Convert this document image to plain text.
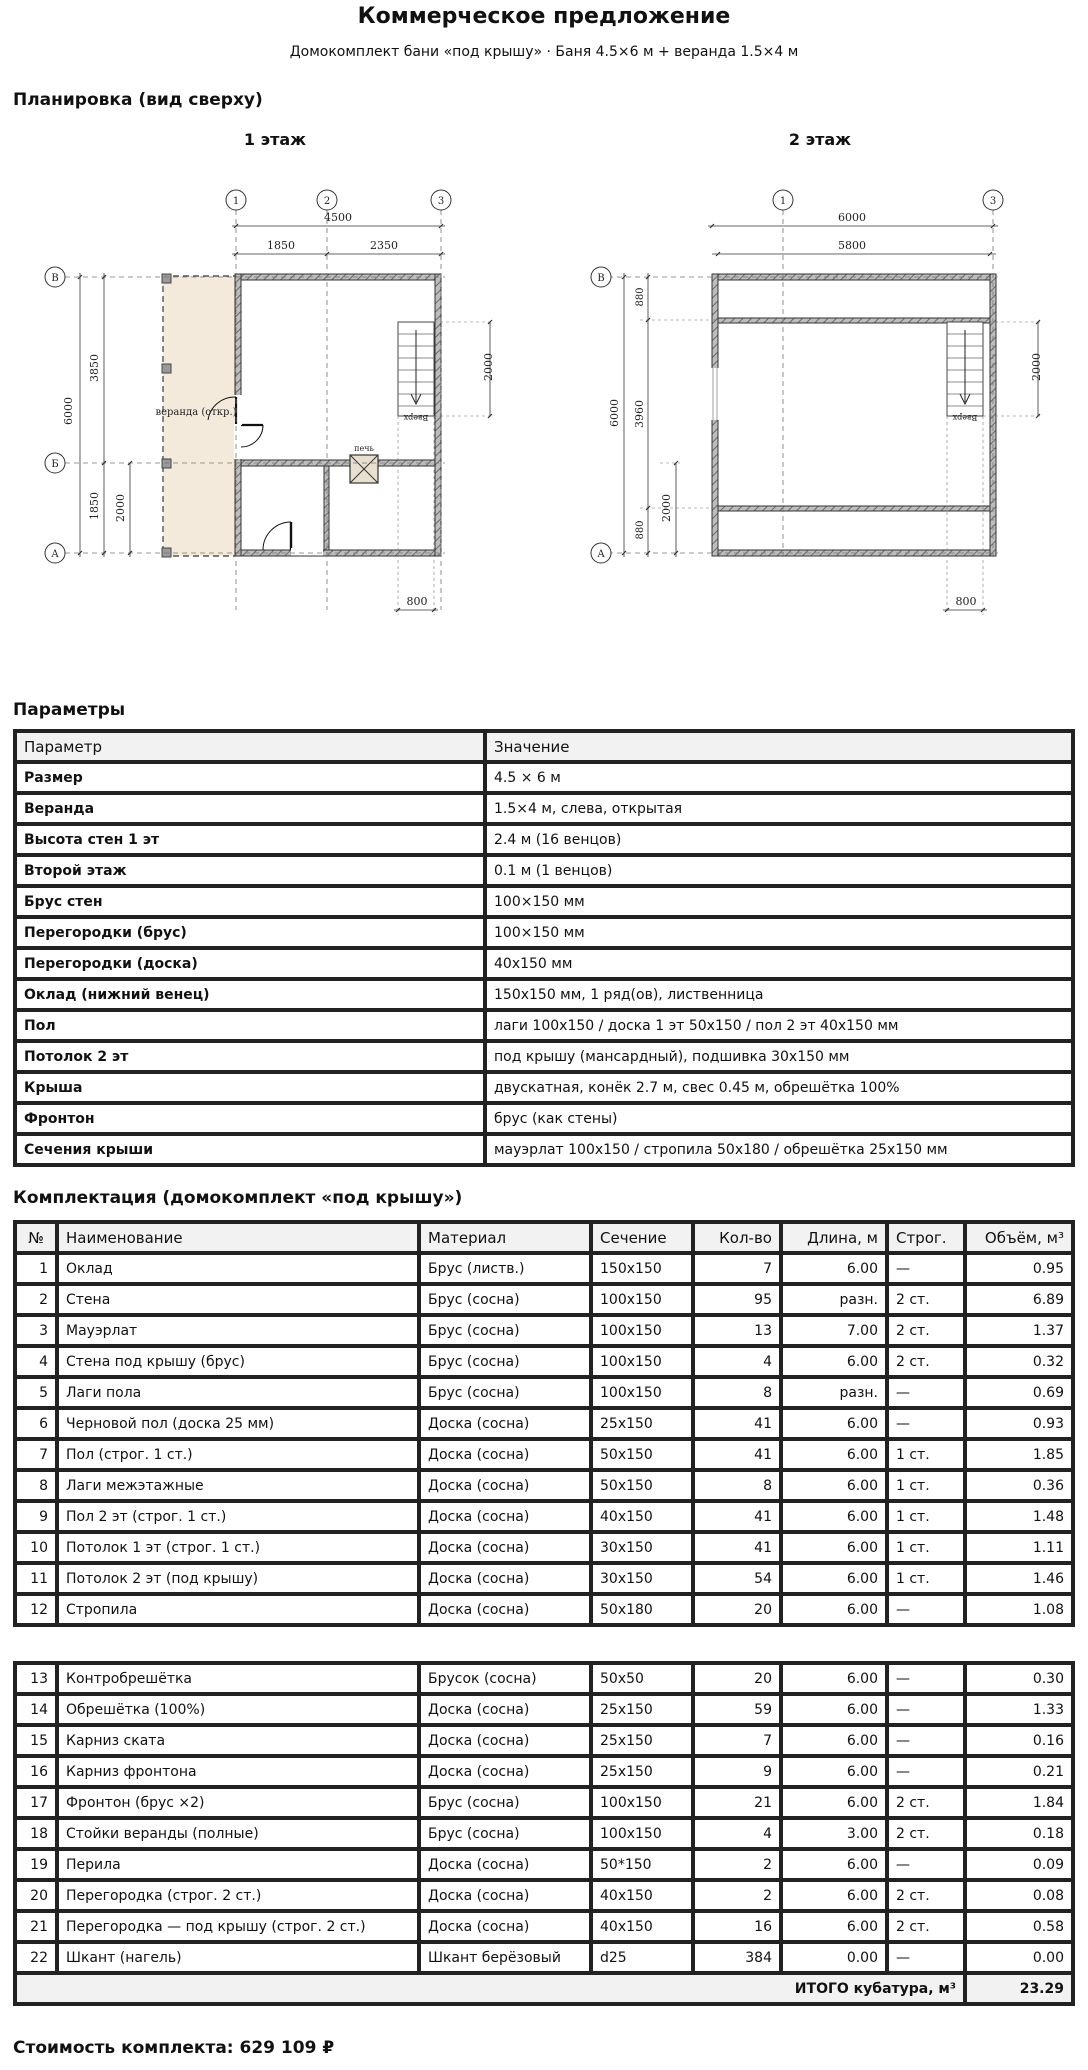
Коммерческое предложение
Домокомплект бани «под крышу» · Баня 4.5×6 м + веранда 1.5×4 м
Планировка (вид сверху)
1 этаж	2 этаж
печь
Вверх
веранда (откр.)
1	2	3
В
Б
А
4500
1850	2350
6000
3850
1850 2000
2000
800
Вверх
1	3
В
А
6000
5800
6000
880
3960
880
2000
2000
800
Параметры
Параметр	Значение
Размер	4.5 × 6 м
Веранда	1.5×4 м, слева, открытая
Высота стен 1 эт	2.4 м (16 венцов)
Второй этаж	0.1 м (1 венцов)
Брус стен	100×150 мм
Перегородки (брус)	100×150 мм
Перегородки (доска)	40x150 мм
Оклад (нижний венец)	150x150 мм, 1 ряд(ов), лиственница
Пол	лаги 100x150 / доска 1 эт 50x150 / пол 2 эт 40x150 мм
Потолок 2 эт	под крышу (мансардный), подшивка 30x150 мм
Крыша	двускатная, конёк 2.7 м, свес 0.45 м, обрешётка 100%
Фронтон	брус (как стены)
Сечения крыши	мауэрлат 100x150 / стропила 50x180 / обрешётка 25x150 мм
Комплектация (домокомплект «под крышу»)
№	Наименование	Материал	Сечение	Кол-во	Длина, м	Строг.	Объём, м³
1	Оклад	Брус (листв.)	150x150	7	6.00	—	0.95
2	Стена	Брус (сосна)	100x150	95	разн.	2 ст.	6.89
3	Мауэрлат	Брус (сосна)	100x150	13	7.00	2 ст.	1.37
4	Стена под крышу (брус)	Брус (сосна)	100x150	4	6.00	2 ст.	0.32
5	Лаги пола	Брус (сосна)	100x150	8	разн.	—	0.69
6	Черновой пол (доска 25 мм)	Доска (сосна)	25x150	41	6.00	—	0.93
7	Пол (строг. 1 ст.)	Доска (сосна)	50x150	41	6.00	1 ст.	1.85
8	Лаги межэтажные	Доска (сосна)	50x150	8	6.00	1 ст.	0.36
9	Пол 2 эт (строг. 1 ст.)	Доска (сосна)	40x150	41	6.00	1 ст.	1.48
10	Потолок 1 эт (строг. 1 ст.)	Доска (сосна)	30x150	41	6.00	1 ст.	1.11
11	Потолок 2 эт (под крышу)	Доска (сосна)	30x150	54	6.00	1 ст.	1.46
12	Стропила	Доска (сосна)	50x180	20	6.00	—	1.08
13	Контробрешётка	Брусок (сосна)	50x50	20	6.00	—	0.30
14	Обрешётка (100%)	Доска (сосна)	25x150	59	6.00	—	1.33
15	Карниз ската	Доска (сосна)	25x150	7	6.00	—	0.16
16	Карниз фронтона	Доска (сосна)	25x150	9	6.00	—	0.21
17	Фронтон (брус ×2)	Брус (сосна)	100x150	21	6.00	2 ст.	1.84
18	Стойки веранды (полные)	Брус (сосна)	100x150	4	3.00	2 ст.	0.18
19	Перила	Доска (сосна)	50*150	2	6.00	—	0.09
20	Перегородка (строг. 2 ст.)	Доска (сосна)	40x150	2	6.00	2 ст.	0.08
21	Перегородка — под крышу (строг. 2 ст.)	Доска (сосна)	40x150	16	6.00	2 ст.	0.58
22	Шкант (нагель)	Шкант берёзовый	d25	384	0.00	—	0.00
ИТОГО кубатура, м³							23.29
Стоимость комплекта: 629 109 ₽
